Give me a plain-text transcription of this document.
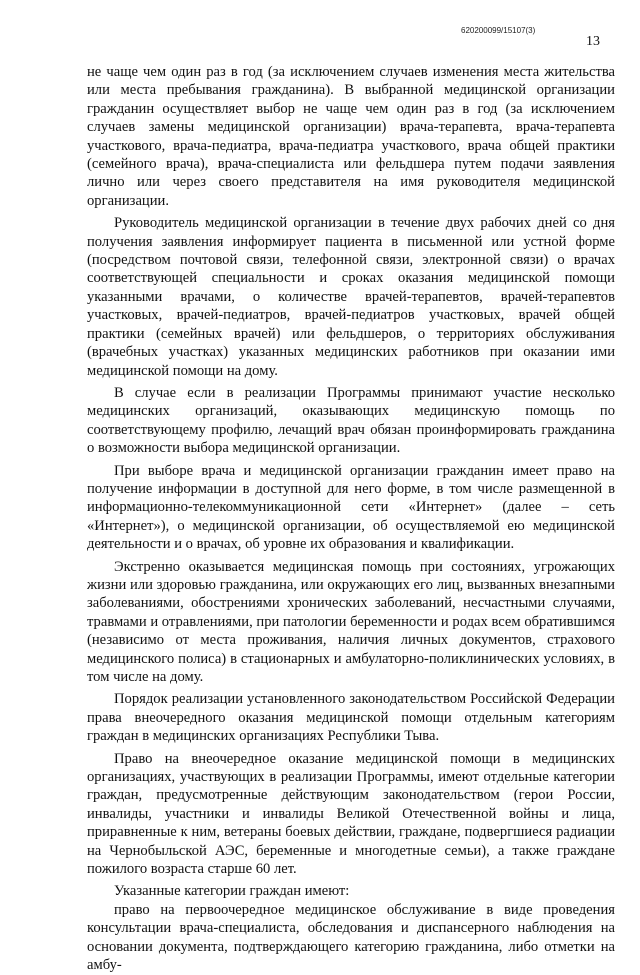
620200099/15107(3)
13

не чаще чем один раз в год (за исключением случаев изменения места жительства или места пребывания гражданина). В выбранной медицинской организации гражданин осуществляет выбор не чаще чем один раз в год (за исключением случаев замены медицинской организации) врача-терапевта, врача-терапевта участкового, врача-педиатра, врача-педиатра участкового, врача общей практики (семейного врача), врача-специалиста или фельдшера путем подачи заявления лично или через своего представителя на имя руководителя медицинской организации.

Руководитель медицинской организации в течение двух рабочих дней со дня получения заявления информирует пациента в письменной или устной форме (посредством почтовой связи, телефонной связи, электронной связи) о врачах соответствующей специальности и сроках оказания медицинской помощи указанными врачами, о количестве врачей-терапевтов, врачей-терапевтов участковых, врачей-педиатров, врачей-педиатров участковых, врачей общей практики (семейных врачей) или фельдшеров, о территориях обслуживания (врачебных участках) указанных медицинских работников при оказании ими медицинской помощи на дому.

В случае если в реализации Программы принимают участие несколько медицинских организаций, оказывающих медицинскую помощь по соответствующему профилю, лечащий врач обязан проинформировать гражданина о возможности выбора медицинской организации.

При выборе врача и медицинской организации гражданин имеет право на получение информации в доступной для него форме, в том числе размещенной в информационно-телекоммуникационной сети «Интернет» (далее – сеть «Интернет»), о медицинской организации, об осуществляемой ею медицинской деятельности и о врачах, об уровне их образования и квалификации.

Экстренно оказывается медицинская помощь при состояниях, угрожающих жизни или здоровью гражданина, или окружающих его лиц, вызванных внезапными заболеваниями, обострениями хронических заболеваний, несчастными случаями, травмами и отравлениями, при патологии беременности и родах всем обратившимся (независимо от места проживания, наличия личных документов, страхового медицинского полиса) в стационарных и амбулаторно-поликлинических условиях, в том числе на дому.

Порядок реализации установленного законодательством Российской Федерации права внеочередного оказания медицинской помощи отдельным категориям граждан в медицинских организациях Республики Тыва.

Право на внеочередное оказание медицинской помощи в медицинских организациях, участвующих в реализации Программы, имеют отдельные категории граждан, предусмотренные действующим законодательством (герои России, инвалиды, участники и инвалиды Великой Отечественной войны и лица, приравненные к ним, ветераны боевых действии, граждане, подвергшиеся радиации на Чернобыльской АЭС, беременные и многодетные семьи), а также граждане пожилого возраста старше 60 лет.

Указанные категории граждан имеют:

право на первоочередное медицинское обслуживание в виде проведения консультации врача-специалиста, обследования и диспансерного наблюдения на основании документа, подтверждающего категорию гражданина, либо отметки на амбу-
